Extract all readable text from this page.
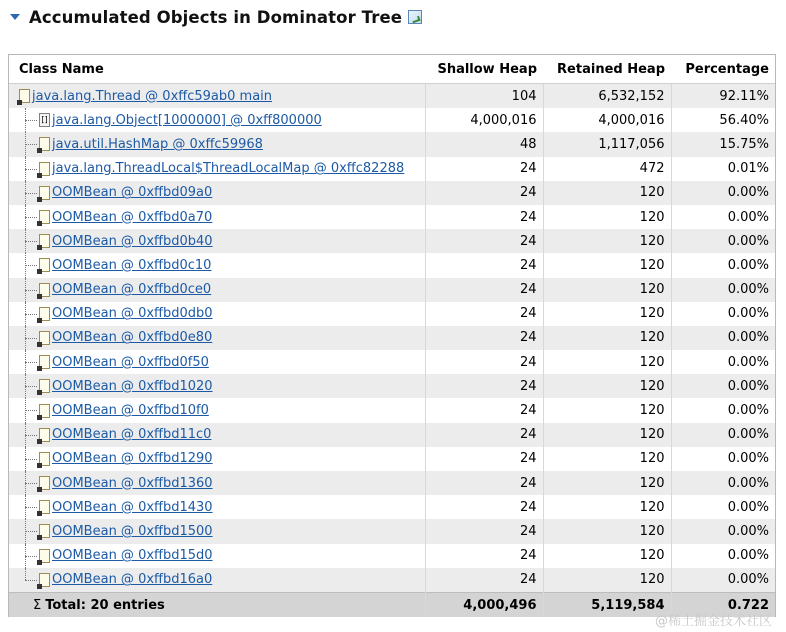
Accumulated Objects in Dominator Tree
Class Name	Shallow Heap	Retained Heap	Percentage

java.lang.Thread @ 0xffc59ab0 main	104	6,532,152	92.11%

[] java.lang.Object[1000000] @ 0xff800000	4,000,016	4,000,016	56.40%

java.util.HashMap @ 0xffc59968	48	1,117,056	15.75%

java.lang.ThreadLocal$ThreadLocalMap @ 0xffc82288	24	472	0.01%

OOMBean @ 0xffbd09a0	24	120	0.00%

OOMBean @ 0xffbd0a70	24	120	0.00%

OOMBean @ 0xffbd0b40	24	120	0.00%

OOMBean @ 0xffbd0c10	24	120	0.00%

OOMBean @ 0xffbd0ce0	24	120	0.00%

OOMBean @ 0xffbd0db0	24	120	0.00%

OOMBean @ 0xffbd0e80	24	120	0.00%

OOMBean @ 0xffbd0f50	24	120	0.00%

OOMBean @ 0xffbd1020	24	120	0.00%

OOMBean @ 0xffbd10f0	24	120	0.00%

OOMBean @ 0xffbd11c0	24	120	0.00%

OOMBean @ 0xffbd1290	24	120	0.00%

OOMBean @ 0xffbd1360	24	120	0.00%

OOMBean @ 0xffbd1430	24	120	0.00%

OOMBean @ 0xffbd1500	24	120	0.00%

OOMBean @ 0xffbd15d0	24	120	0.00%

OOMBean @ 0xffbd16a0	24	120	0.00%
Σ Total: 20 entries	4,000,496	5,119,584	0.722
@稀土掘金技术社区
